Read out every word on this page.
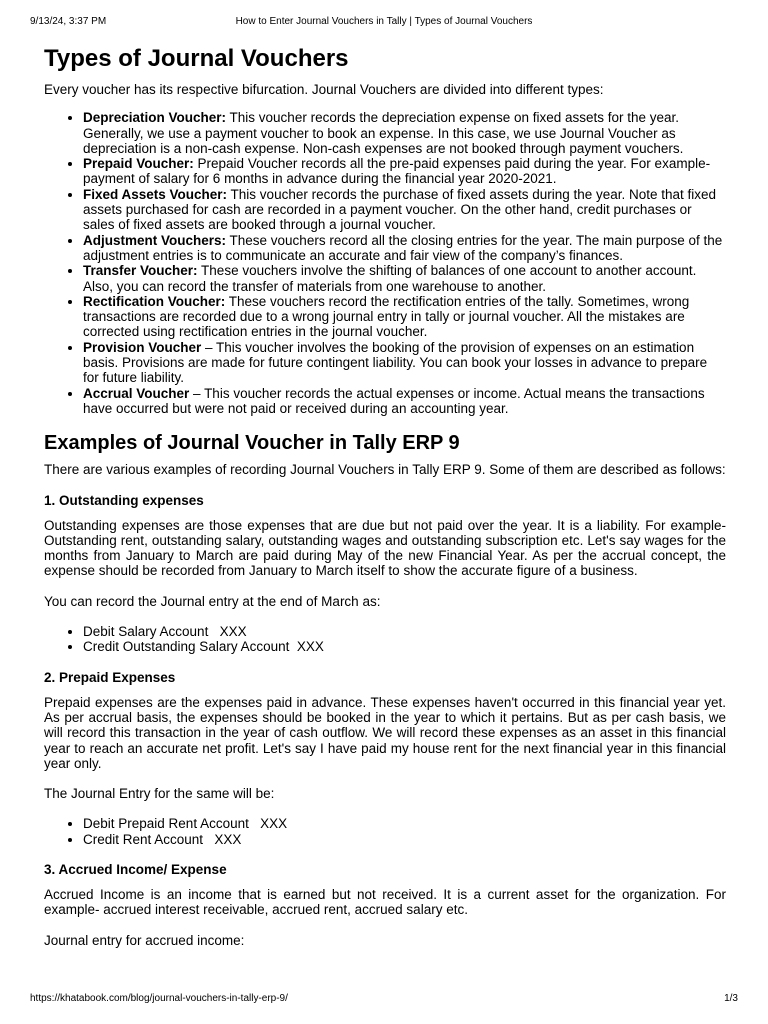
9/13/24, 3:37 PM	How to Enter Journal Vouchers in Tally | Types of Journal Vouchers
Types of Journal Vouchers

Every voucher has its respective bifurcation. Journal Vouchers are divided into different types:

• Depreciation Voucher: This voucher records the depreciation expense on fixed assets for the year. Generally, we use a payment voucher to book an expense. In this case, we use Journal Voucher as depreciation is a non-cash expense. Non-cash expenses are not booked through payment vouchers.
• Prepaid Voucher: Prepaid Voucher records all the pre-paid expenses paid during the year. For example- payment of salary for 6 months in advance during the financial year 2020-2021.
• Fixed Assets Voucher: This voucher records the purchase of fixed assets during the year. Note that fixed assets purchased for cash are recorded in a payment voucher. On the other hand, credit purchases or sales of fixed assets are booked through a journal voucher.
• Adjustment Vouchers: These vouchers record all the closing entries for the year. The main purpose of the adjustment entries is to communicate an accurate and fair view of the company’s finances.
• Transfer Voucher: These vouchers involve the shifting of balances of one account to another account. Also, you can record the transfer of materials from one warehouse to another.
• Rectification Voucher: These vouchers record the rectification entries of the tally. Sometimes, wrong transactions are recorded due to a wrong journal entry in tally or journal voucher. All the mistakes are corrected using rectification entries in the journal voucher.
• Provision Voucher – This voucher involves the booking of the provision of expenses on an estimation basis. Provisions are made for future contingent liability. You can book your losses in advance to prepare for future liability.
• Accrual Voucher – This voucher records the actual expenses or income. Actual means the transactions have occurred but were not paid or received during an accounting year.
Examples of Journal Voucher in Tally ERP 9

There are various examples of recording Journal Vouchers in Tally ERP 9. Some of them are described as follows:

1. Outstanding expenses

Outstanding expenses are those expenses that are due but not paid over the year. It is a liability. For example- Outstanding rent, outstanding salary, outstanding wages and outstanding subscription etc. Let's say wages for the months from January to March are paid during May of the new Financial Year. As per the accrual concept, the expense should be recorded from January to March itself to show the accurate figure of a business.

You can record the Journal entry at the end of March as:

• Debit Salary Account   XXX
• Credit Outstanding Salary Account  XXX
2. Prepaid Expenses

Prepaid expenses are the expenses paid in advance. These expenses haven't occurred in this financial year yet. As per accrual basis, the expenses should be booked in the year to which it pertains. But as per cash basis, we will record this transaction in the year of cash outflow. We will record these expenses as an asset in this financial year to reach an accurate net profit. Let's say I have paid my house rent for the next financial year in this financial year only.

The Journal Entry for the same will be:

• Debit Prepaid Rent Account   XXX
• Credit Rent Account   XXX
3. Accrued Income/ Expense

Accrued Income is an income that is earned but not received. It is a current asset for the organization. For example- accrued interest receivable, accrued rent, accrued salary etc.

Journal entry for accrued income:

https://khatabook.com/blog/journal-vouchers-in-tally-erp-9/	1/3
